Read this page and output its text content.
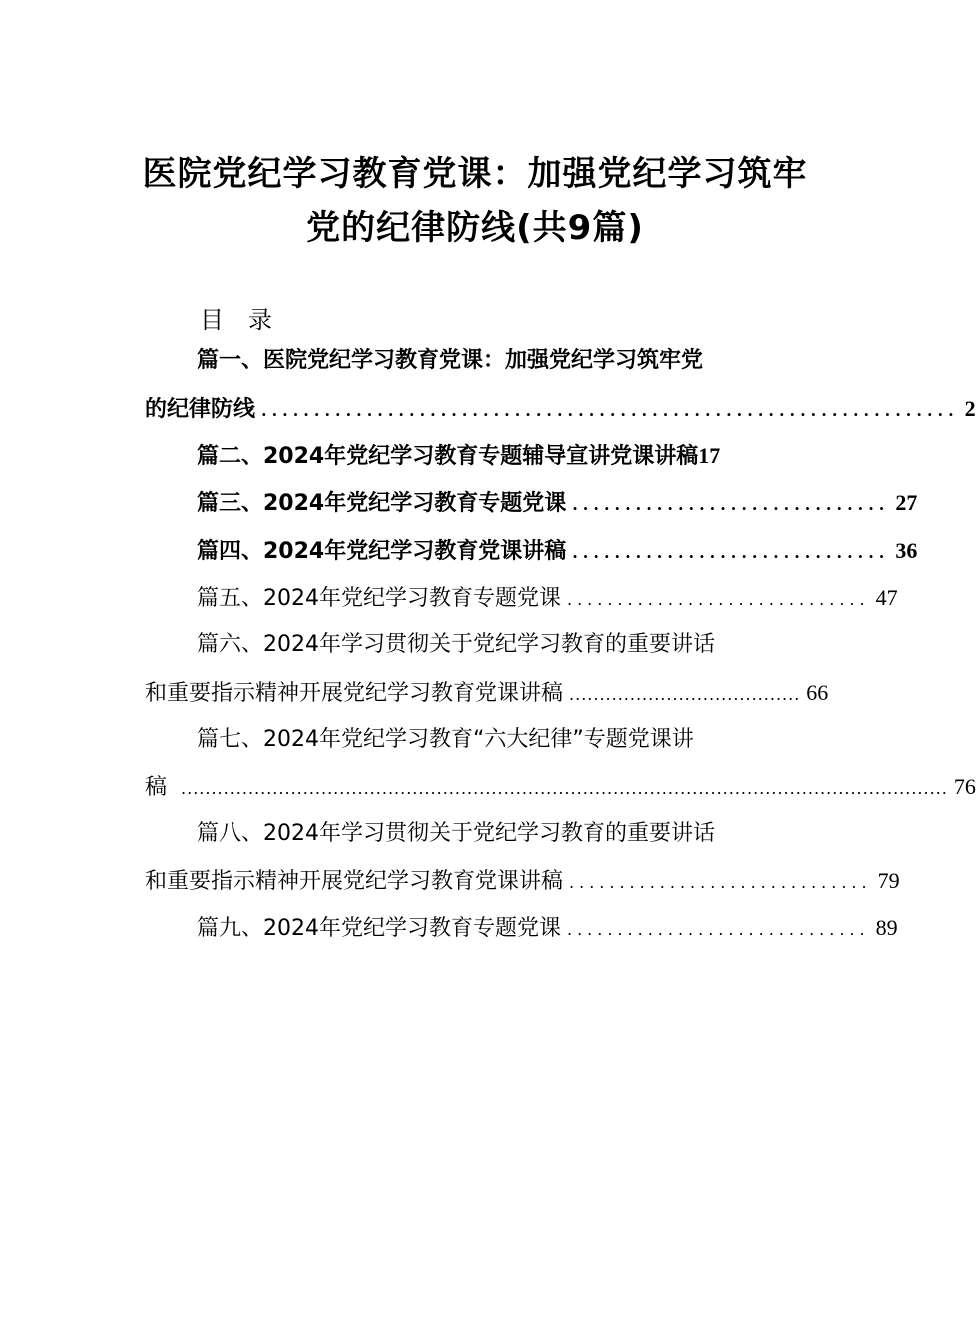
医院党纪学习教育党课：加强党纪学习筑牢
党的纪律防线(共9篇)
目　录
篇一、医院党纪学习教育党课：加强党纪学习筑牢党
的纪律防线 .................................................................. 2
篇二、2024年党纪学习教育专题辅导宣讲党课讲稿 17
篇三、2024年党纪学习教育专题党课 .............................. 27
篇四、2024年党纪学习教育党课讲稿 .............................. 36
篇五、2024年党纪学习教育专题党课 .............................. 47
篇六、2024年学习贯彻关于党纪学习教育的重要讲话
和重要指示精神开展党纪学习教育党课讲稿 ...................................... 66
篇七、2024年党纪学习教育“六大纪律”专题党课讲
稿 .............................................................................................................................. 76
篇八、2024年学习贯彻关于党纪学习教育的重要讲话
和重要指示精神开展党纪学习教育党课讲稿 .............................. 79
篇九、2024年党纪学习教育专题党课 .............................. 89
